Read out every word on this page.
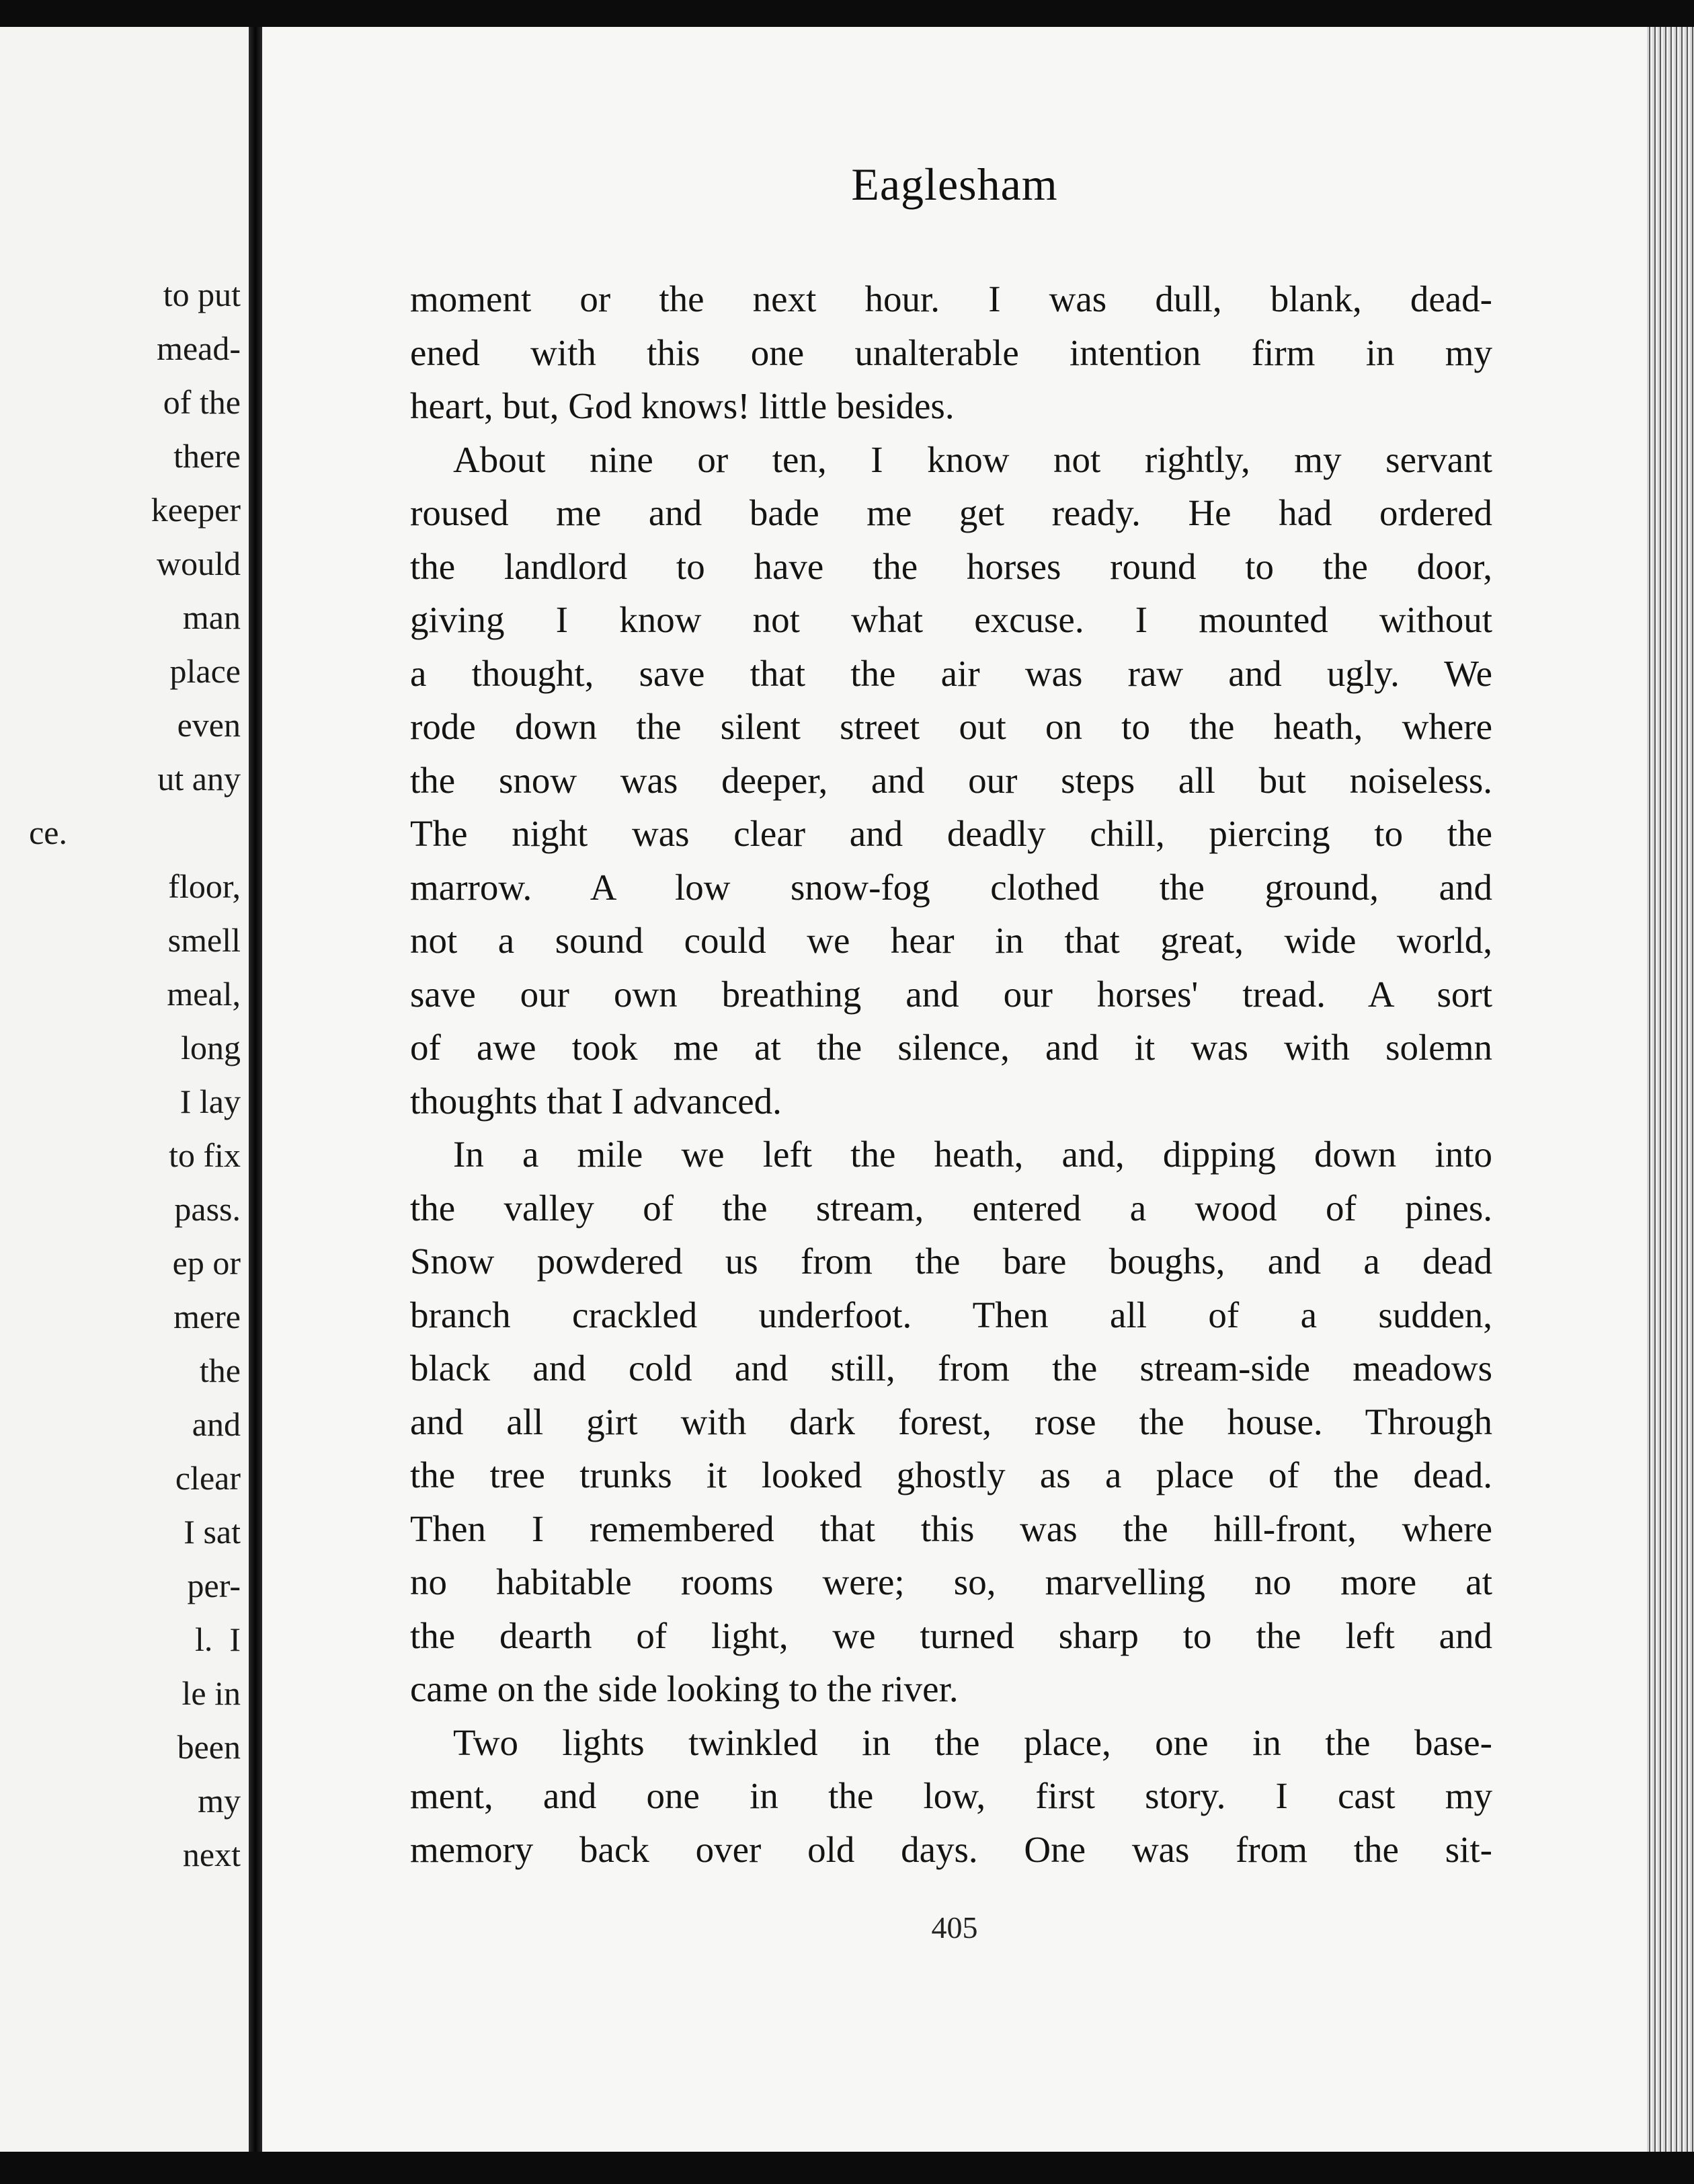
to put

mead-

of the

there

keeper

would

man

place

even

ut any

ce.

floor,

smell

meal,

long

I lay

to fix

pass.

ep or

mere

the

and

clear

I sat

per-

l.  I

le in

been

my

next

Eaglesham

moment or the next hour. I was dull, blank, dead-

ened with this one unalterable intention firm in my

heart, but, God knows! little besides.

About nine or ten, I know not rightly, my servant

roused me and bade me get ready. He had ordered

the landlord to have the horses round to the door,

giving I know not what excuse. I mounted without

a thought, save that the air was raw and ugly. We

rode down the silent street out on to the heath, where

the snow was deeper, and our steps all but noiseless.

The night was clear and deadly chill, piercing to the

marrow. A low snow-fog clothed the ground, and

not a sound could we hear in that great, wide world,

save our own breathing and our horses' tread. A sort

of awe took me at the silence, and it was with solemn

thoughts that I advanced.

In a mile we left the heath, and, dipping down into

the valley of the stream, entered a wood of pines.

Snow powdered us from the bare boughs, and a dead

branch crackled underfoot. Then all of a sudden,

black and cold and still, from the stream-side meadows

and all girt with dark forest, rose the house. Through

the tree trunks it looked ghostly as a place of the dead.

Then I remembered that this was the hill-front, where

no habitable rooms were; so, marvelling no more at

the dearth of light, we turned sharp to the left and

came on the side looking to the river.

Two lights twinkled in the place, one in the base-

ment, and one in the low, first story. I cast my

memory back over old days. One was from the sit-

405
